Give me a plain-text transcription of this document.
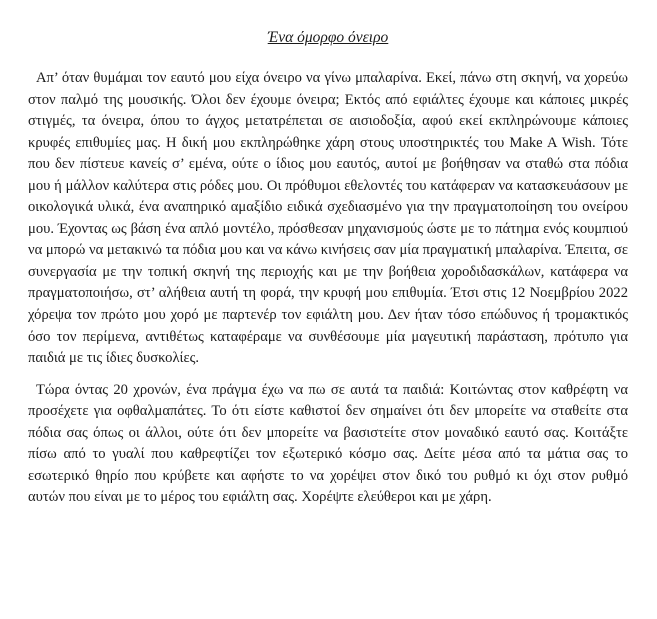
Ένα όμορφο όνειρο

Απ’ όταν θυμάμαι τον εαυτό μου είχα όνειρο να γίνω μπαλαρίνα. Εκεί, πάνω στη σκηνή, να χορεύω στον παλμό της μουσικής. Όλοι δεν έχουμε όνειρα; Εκτός από εφιάλτες έχουμε και κάποιες μικρές στιγμές, τα όνειρα, όπου το άγχος μετατρέπεται σε αισιοδοξία, αφού εκεί εκπληρώνουμε κάποιες κρυφές επιθυμίες μας. Η δική μου εκπληρώθηκε χάρη στους υποστηρικτές του Make A Wish. Τότε που δεν πίστευε κανείς σ’ εμένα, ούτε ο ίδιος μου εαυτός, αυτοί με βοήθησαν να σταθώ στα πόδια μου ή μάλλον καλύτερα στις ρόδες μου. Οι πρόθυμοι εθελοντές του κατάφεραν να κατασκευάσουν με οικολογικά υλικά, ένα αναπηρικό αμαξίδιο ειδικά σχεδιασμένο για την πραγματοποίηση του ονείρου μου. Έχοντας ως βάση ένα απλό μοντέλο, πρόσθεσαν μηχανισμούς ώστε με το πάτημα ενός κουμπιού να μπορώ να μετακινώ τα πόδια μου και να κάνω κινήσεις σαν μία πραγματική μπαλαρίνα. Έπειτα, σε συνεργασία με την τοπική σκηνή της περιοχής και με την βοήθεια χοροδιδασκάλων, κατάφερα να πραγματοποιήσω, στ’ αλήθεια αυτή τη φορά, την κρυφή μου επιθυμία. Έτσι στις 12 Νοεμβρίου 2022 χόρεψα τον πρώτο μου χορό με παρτενέρ τον εφιάλτη μου. Δεν ήταν τόσο επώδυνος ή τρομακτικός όσο τον περίμενα, αντιθέτως καταφέραμε να συνθέσουμε μία μαγευτική παράσταση, πρότυπο για παιδιά με τις ίδιες δυσκολίες.

Τώρα όντας 20 χρονών, ένα πράγμα έχω να πω σε αυτά τα παιδιά: Κοιτώντας στον καθρέφτη να προσέχετε για οφθαλμαπάτες. Το ότι είστε καθιστοί δεν σημαίνει ότι δεν μπορείτε να σταθείτε στα πόδια σας όπως οι άλλοι, ούτε ότι δεν μπορείτε να βασιστείτε στον μοναδικό εαυτό σας. Κοιτάξτε πίσω από το γυαλί που καθρεφτίζει τον εξωτερικό κόσμο σας. Δείτε μέσα από τα μάτια σας το εσωτερικό θηρίο που κρύβετε και αφήστε το να χορέψει στον δικό του ρυθμό κι όχι στον ρυθμό αυτών που είναι με το μέρος του εφιάλτη σας. Χορέψτε ελεύθεροι και με χάρη.
